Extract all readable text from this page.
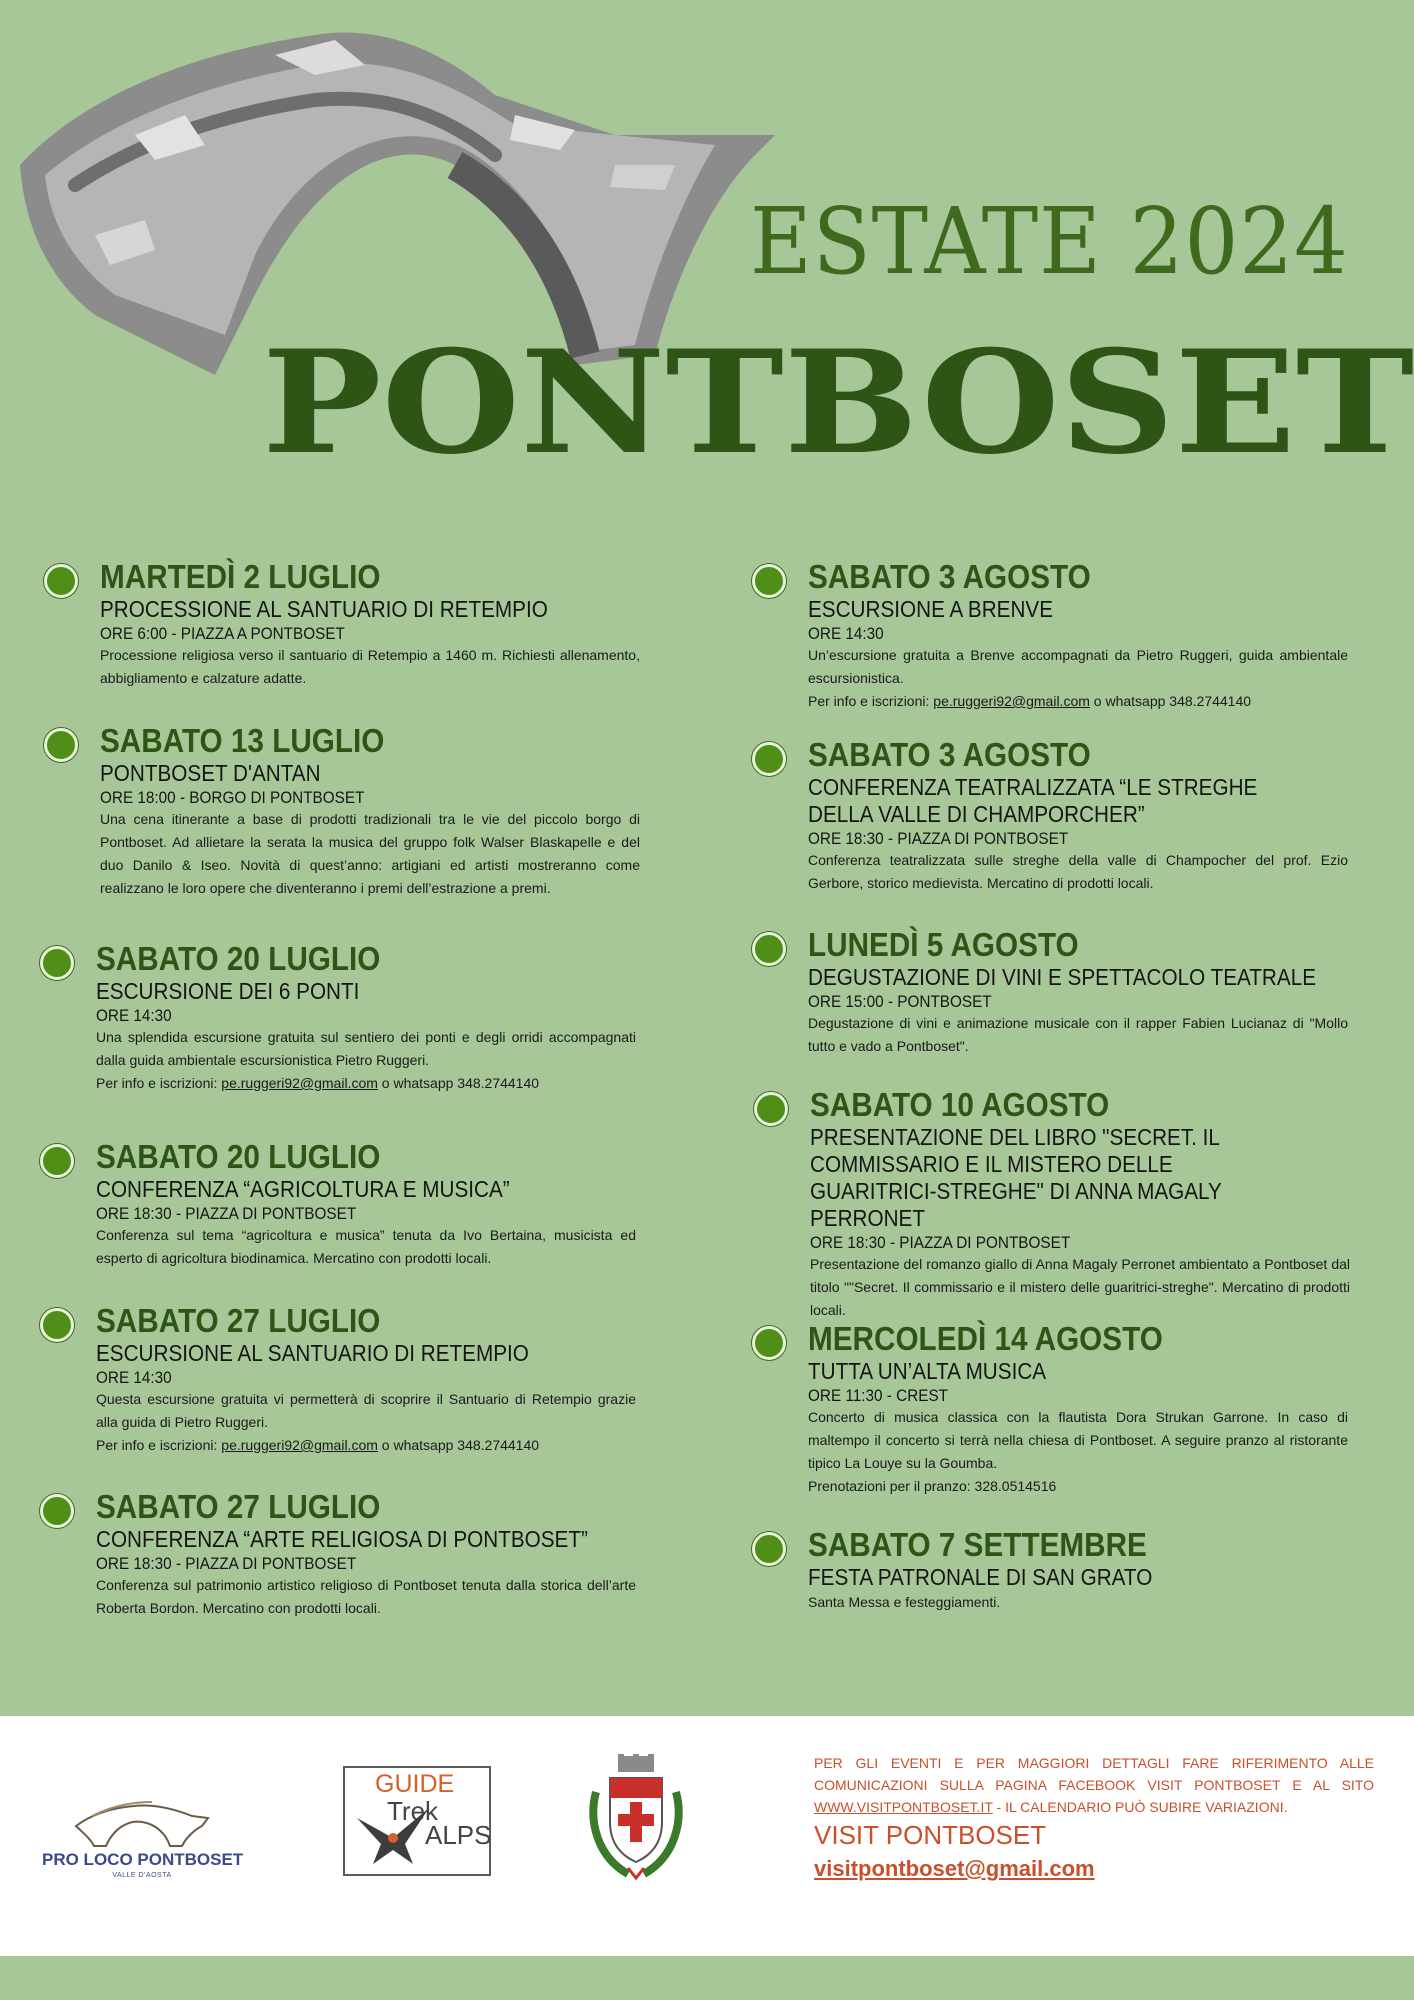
ESTATE 2024
PONTBOSET
MARTEDÌ 2 LUGLIO
PROCESSIONE AL SANTUARIO DI RETEMPIO
ORE 6:00 - PIAZZA A PONTBOSET

Processione religiosa verso il santuario di Retempio a 1460 m. Richiesti allenamento, abbigliamento e calzature adatte.

SABATO 13 LUGLIO
PONTBOSET D'ANTAN
ORE 18:00 - BORGO DI PONTBOSET

Una cena itinerante a base di prodotti tradizionali tra le vie del piccolo borgo di Pontboset. Ad allietare la serata la musica del gruppo folk Walser Blaskapelle e del duo Danilo & Iseo. Novità di quest’anno: artigiani ed artisti mostreranno come realizzano le loro opere che diventeranno i premi dell’estrazione a premi.

SABATO 20 LUGLIO
ESCURSIONE DEI 6 PONTI
ORE 14:30

Una splendida escursione gratuita sul sentiero dei ponti e degli orridi accompagnati dalla guida ambientale escursionistica Pietro Ruggeri.

Per info e iscrizioni: pe.ruggeri92@gmail.com o whatsapp 348.2744140

SABATO 20 LUGLIO
CONFERENZA “AGRICOLTURA E MUSICA”
ORE 18:30 - PIAZZA DI PONTBOSET

Conferenza sul tema “agricoltura e musica” tenuta da Ivo Bertaina, musicista ed esperto di agricoltura biodinamica. Mercatino con prodotti locali.

SABATO 27 LUGLIO
ESCURSIONE AL SANTUARIO DI RETEMPIO
ORE 14:30

Questa escursione gratuita vi permetterà di scoprire il Santuario di Retempio grazie alla guida di Pietro Ruggeri.

Per info e iscrizioni: pe.ruggeri92@gmail.com o whatsapp 348.2744140

SABATO 27 LUGLIO
CONFERENZA “ARTE RELIGIOSA DI PONTBOSET”
ORE 18:30 - PIAZZA DI PONTBOSET

Conferenza sul patrimonio artistico religioso di Pontboset tenuta dalla storica dell’arte Roberta Bordon. Mercatino con prodotti locali.

SABATO 3 AGOSTO
ESCURSIONE A BRENVE
ORE 14:30

Un’escursione gratuita a Brenve accompagnati da Pietro Ruggeri, guida ambientale escursionistica.

Per info e iscrizioni: pe.ruggeri92@gmail.com o whatsapp 348.2744140

SABATO 3 AGOSTO
CONFERENZA TEATRALIZZATA “LE STREGHE DELLA VALLE DI CHAMPORCHER”
ORE 18:30 - PIAZZA DI PONTBOSET

Conferenza teatralizzata sulle streghe della valle di Champocher del prof. Ezio Gerbore, storico medievista. Mercatino di prodotti locali.

LUNEDÌ 5 AGOSTO
DEGUSTAZIONE DI VINI E SPETTACOLO TEATRALE
ORE 15:00 - PONTBOSET

Degustazione di vini e animazione musicale con il rapper Fabien Lucianaz di "Mollo tutto e vado a Pontboset".

SABATO 10 AGOSTO
PRESENTAZIONE DEL LIBRO "SECRET. IL COMMISSARIO E IL MISTERO DELLE GUARITRICI-STREGHE" DI ANNA MAGALY PERRONET
ORE 18:30 - PIAZZA DI PONTBOSET

Presentazione del romanzo giallo di Anna Magaly Perronet ambientato a Pontboset dal titolo ""Secret. Il commissario e il mistero delle guaritrici-streghe". Mercatino di prodotti locali.

MERCOLEDÌ 14 AGOSTO
TUTTA UN’ALTA MUSICA
ORE 11:30 - CREST

Concerto di musica classica con la flautista Dora Strukan Garrone. In caso di maltempo il concerto si terrà nella chiesa di Pontboset. A seguire pranzo al ristorante tipico La Louye su la Goumba.

Prenotazioni per il pranzo: 328.0514516

SABATO 7 SETTEMBRE
FESTA PATRONALE DI SAN GRATO

Santa Messa e festeggiamenti.

PRO LOCO PONTBOSET
VALLE D'AOSTA
GUIDE
Trek
ALPS
PER GLI EVENTI E PER MAGGIORI DETTAGLI FARE RIFERIMENTO ALLE COMUNICAZIONI SULLA PAGINA FACEBOOK VISIT PONTBOSET E AL SITO WWW.VISITPONTBOSET.IT - IL CALENDARIO PUÒ SUBIRE VARIAZIONI.
VISIT PONTBOSET
visitpontboset@gmail.com
